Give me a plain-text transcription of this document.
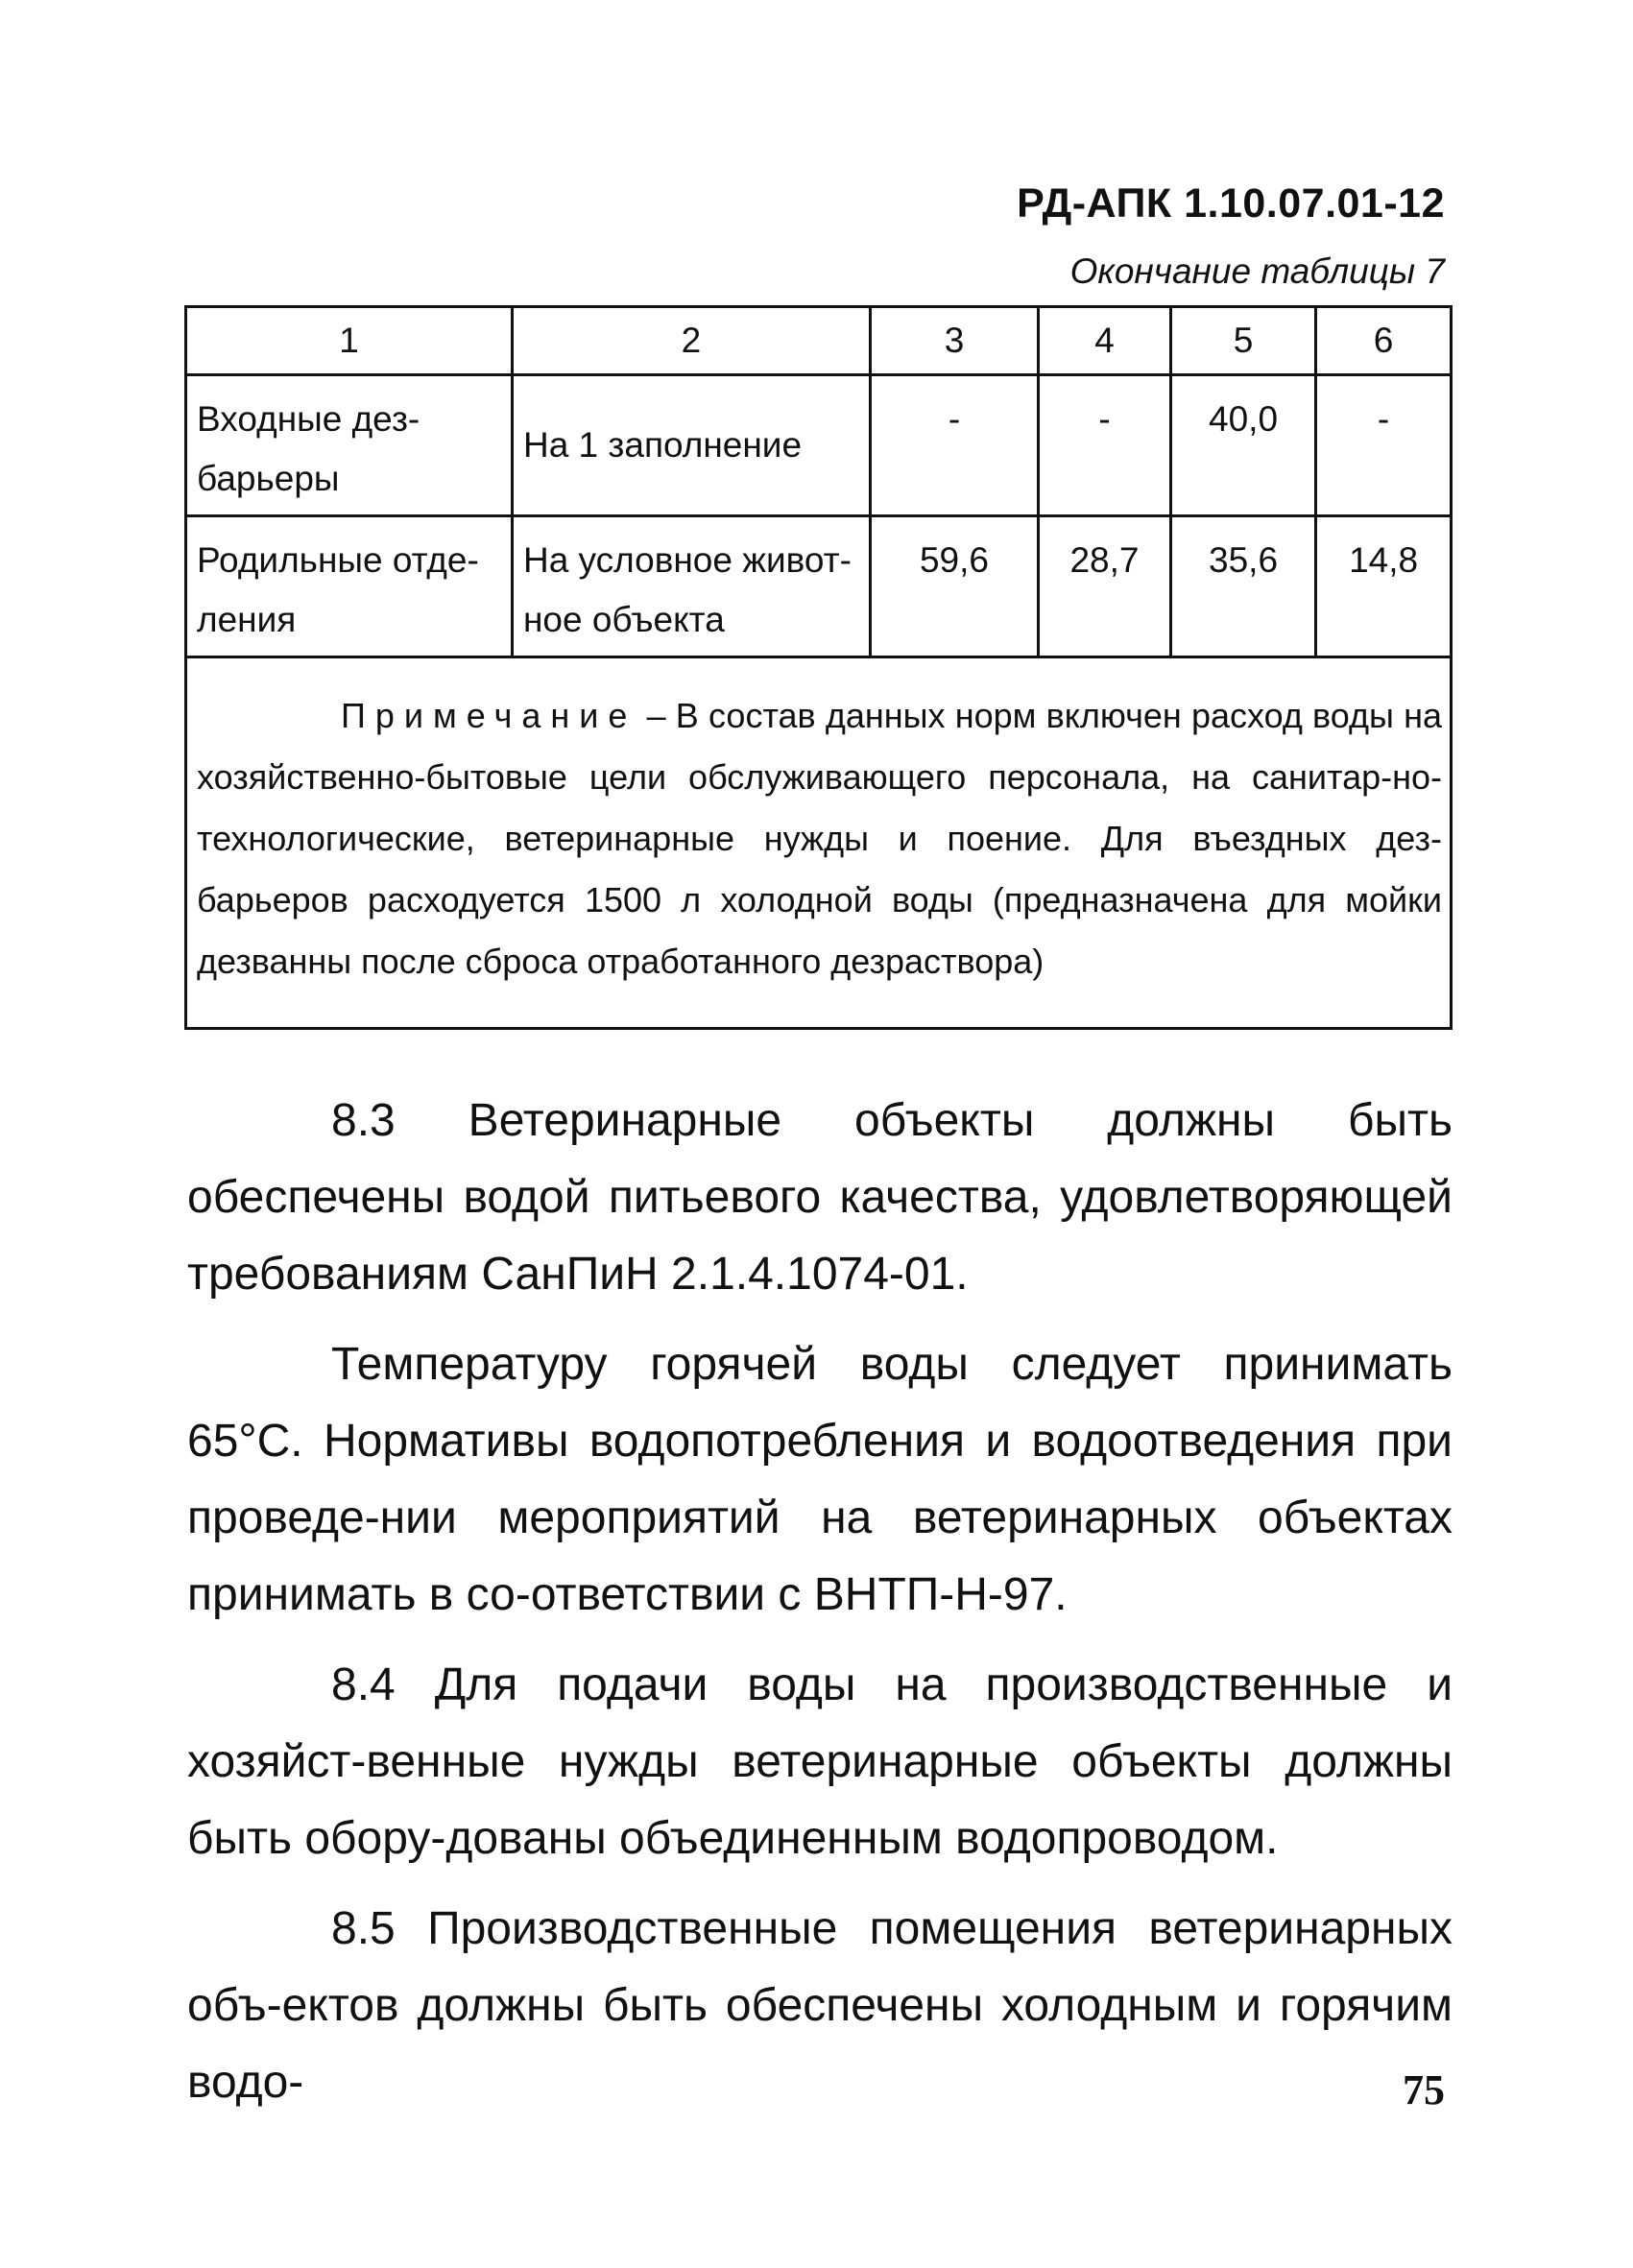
РД-АПК 1.10.07.01-12
Окончание таблицы 7
1	2	3	4	5	6

Входные дез-барьеры	На 1 заполнение	-	-	40,0	-

Родильные отде-ления	На условное живот-ное объекта	59,6	28,7	35,6	14,8

Примечание – В состав данных норм включен расход воды на хозяйственно-бытовые цели обслуживающего персонала, на санитар-но-технологические, ветеринарные нужды и поение. Для въездных дез-барьеров расходуется 1500 л холодной воды (предназначена для мойки дезванны после сброса отработанного дезраствора)					

8.3 Ветеринарные объекты должны быть обеспечены водой питьевого качества, удовлетворяющей требованиям СанПиН 2.1.4.1074-01.

Температуру горячей воды следует принимать 65°С. Нормативы водопотребления и водоотведения при проведе-нии мероприятий на ветеринарных объектах принимать в со-ответствии с ВНТП-Н-97.

8.4 Для подачи воды на производственные и хозяйст-венные нужды ветеринарные объекты должны быть обору-дованы объединенным водопроводом.

8.5 Производственные помещения ветеринарных объ-ектов должны быть обеспечены холодным и горячим водо-	75
